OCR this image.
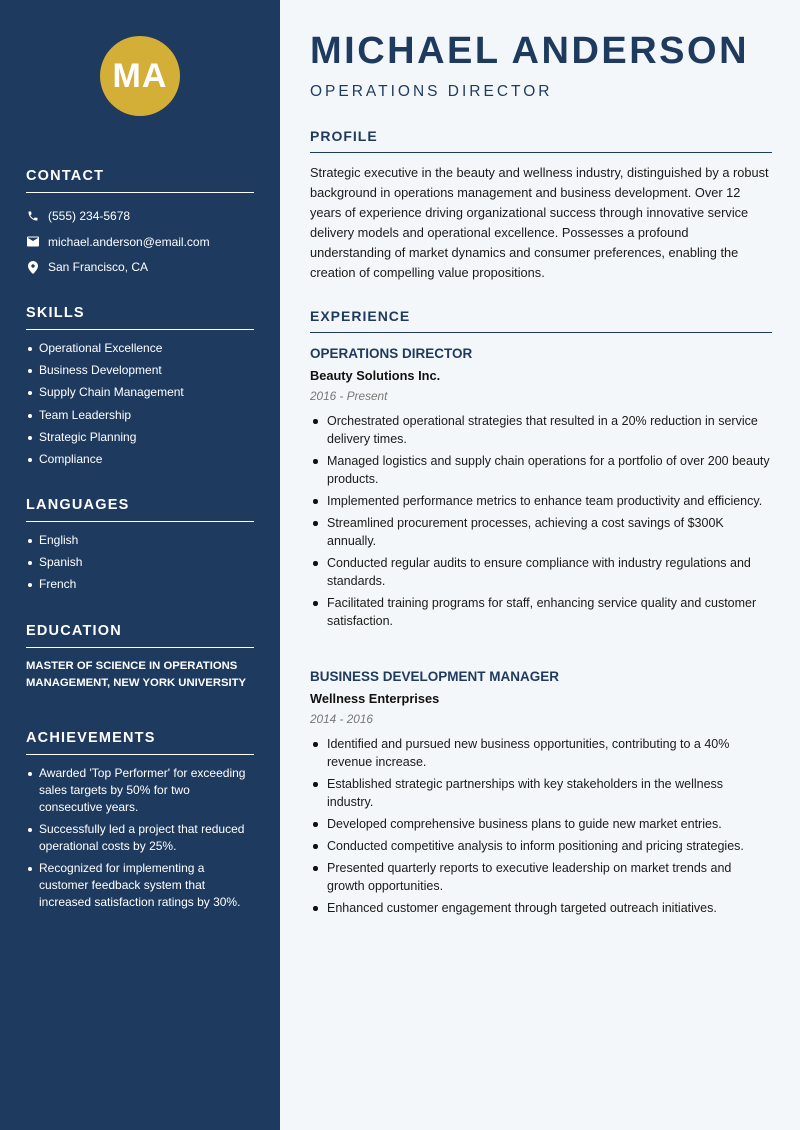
MA
CONTACT
(555) 234-5678
michael.anderson@email.com
San Francisco, CA
SKILLS
Operational Excellence
Business Development
Supply Chain Management
Team Leadership
Strategic Planning
Compliance
LANGUAGES
English
Spanish
French
EDUCATION

MASTER OF SCIENCE IN OPERATIONS MANAGEMENT, NEW YORK UNIVERSITY

ACHIEVEMENTS
Awarded 'Top Performer' for exceeding sales targets by 50% for two consecutive years.
Successfully led a project that reduced operational costs by 25%.
Recognized for implementing a customer feedback system that increased satisfaction ratings by 30%.
MICHAEL ANDERSON
OPERATIONS DIRECTOR
PROFILE

Strategic executive in the beauty and wellness industry, distinguished by a robust background in operations management and business development. Over 12 years of experience driving organizational success through innovative service delivery models and operational excellence. Possesses a profound understanding of market dynamics and consumer preferences, enabling the creation of compelling value propositions.

EXPERIENCE
OPERATIONS DIRECTOR
Beauty Solutions Inc.
2016 - Present
Orchestrated operational strategies that resulted in a 20% reduction in service delivery times.
Managed logistics and supply chain operations for a portfolio of over 200 beauty products.
Implemented performance metrics to enhance team productivity and efficiency.
Streamlined procurement processes, achieving a cost savings of $300K annually.
Conducted regular audits to ensure compliance with industry regulations and standards.
Facilitated training programs for staff, enhancing service quality and customer satisfaction.
BUSINESS DEVELOPMENT MANAGER
Wellness Enterprises
2014 - 2016
Identified and pursued new business opportunities, contributing to a 40% revenue increase.
Established strategic partnerships with key stakeholders in the wellness industry.
Developed comprehensive business plans to guide new market entries.
Conducted competitive analysis to inform positioning and pricing strategies.
Presented quarterly reports to executive leadership on market trends and growth opportunities.
Enhanced customer engagement through targeted outreach initiatives.
